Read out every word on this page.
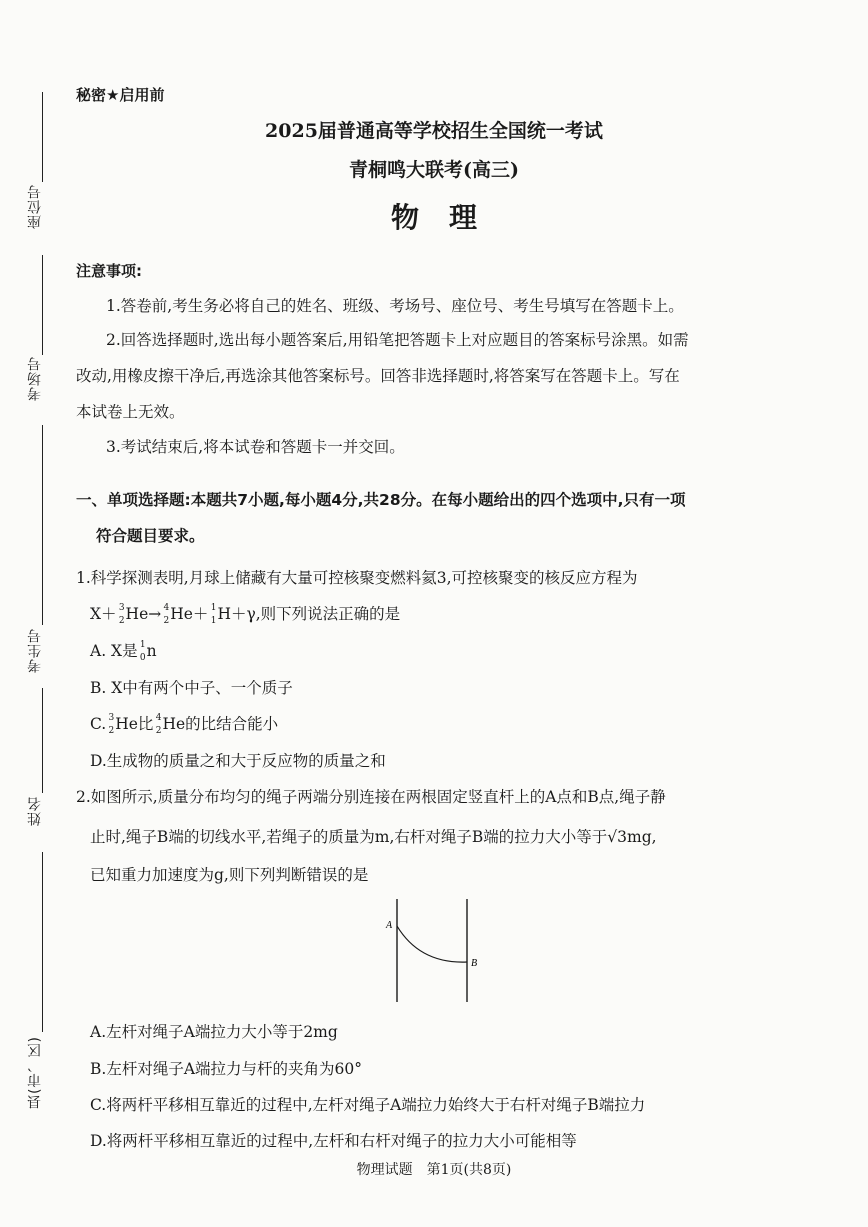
座位号
考场号
考生号
姓名
县(市、区)
秘密★启用前
2025届普通高等学校招生全国统一考试
青桐鸣大联考(高三)
物理
注意事项:
1.答卷前,考生务必将自己的姓名、班级、考场号、座位号、考生号填写在答题卡上。
2.回答选择题时,选出每小题答案后,用铅笔把答题卡上对应题目的答案标号涂黑。如需
改动,用橡皮擦干净后,再选涂其他答案标号。回答非选择题时,将答案写在答题卡上。写在
本试卷上无效。
3.考试结束后,将本试卷和答题卡一并交回。
一、单项选择题:本题共7小题,每小题4分,共28分。在每小题给出的四个选项中,只有一项
符合题目要求。
1.科学探测表明,月球上储藏有大量可控核聚变燃料氦3,可控核聚变的核反应方程为
X＋ 3
2 He→ 4
2 He＋ 1
1 H＋γ,则下列说法正确的是
A. X是 1
0 n
B. X中有两个中子、一个质子
C. 3
2 He比 4
2 He的比结合能小
D.生成物的质量之和大于反应物的质量之和
2.如图所示,质量分布均匀的绳子两端分别连接在两根固定竖直杆上的A点和B点,绳子静
止时,绳子B端的切线水平,若绳子的质量为m,右杆对绳子B端的拉力大小等于√3mg,
已知重力加速度为g,则下列判断错误的是
A
B
A.左杆对绳子A端拉力大小等于2mg
B.左杆对绳子A端拉力与杆的夹角为60°
C.将两杆平移相互靠近的过程中,左杆对绳子A端拉力始终大于右杆对绳子B端拉力
D.将两杆平移相互靠近的过程中,左杆和右杆对绳子的拉力大小可能相等
物理试题　第1页(共8页)
